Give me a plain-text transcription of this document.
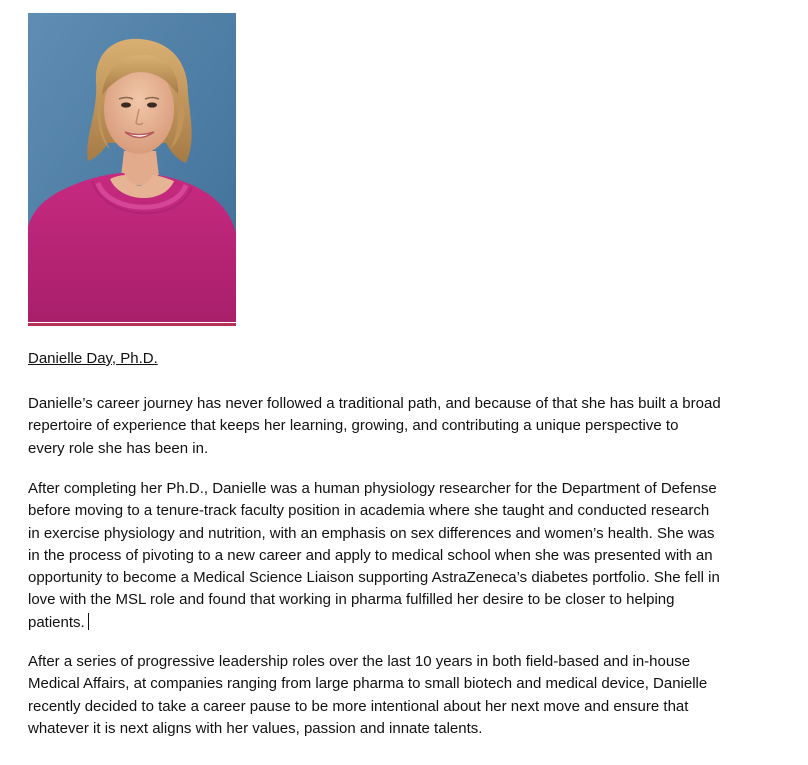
Danielle Day, Ph.D.

Danielle’s career journey has never followed a traditional path, and because of that she has built a broad
repertoire of experience that keeps her learning, growing, and contributing a unique perspective to
every role she has been in.

After completing her Ph.D., Danielle was a human physiology researcher for the Department of Defense
before moving to a tenure-track faculty position in academia where she taught and conducted research
in exercise physiology and nutrition, with an emphasis on sex differences and women’s health. She was
in the process of pivoting to a new career and apply to medical school when she was presented with an
opportunity to become a Medical Science Liaison supporting AstraZeneca’s diabetes portfolio. She fell in
love with the MSL role and found that working in pharma fulfilled her desire to be closer to helping
patients.

After a series of progressive leadership roles over the last 10 years in both field-based and in-house
Medical Affairs, at companies ranging from large pharma to small biotech and medical device, Danielle
recently decided to take a career pause to be more intentional about her next move and ensure that
whatever it is next aligns with her values, passion and innate talents.
